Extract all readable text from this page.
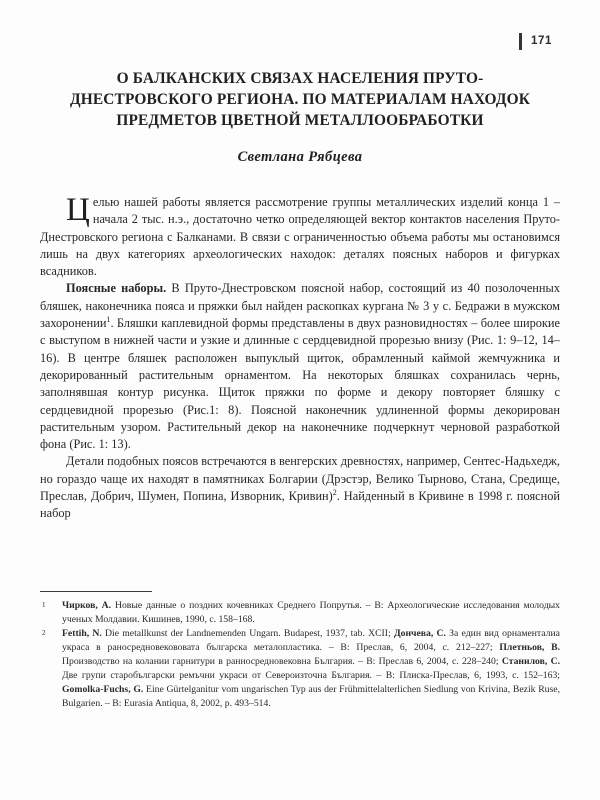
171
О БАЛКАНСКИХ СВЯЗАХ НАСЕЛЕНИЯ ПРУТО-
ДНЕСТРОВСКОГО РЕГИОНА. ПО МАТЕРИАЛАМ НАХОДОК
ПРЕДМЕТОВ ЦВЕТНОЙ МЕТАЛЛООБРАБОТКИ
Светлана Рябцева

Целью нашей работы является рассмотрение группы металлических изделий конца 1 – начала 2 тыс. н.э., достаточно четко определяющей вектор контактов населения Пруто-Днестровского региона с Балканами. В связи с ограниченностью объема работы мы остановимся лишь на двух категориях археологических находок: деталях поясных наборов и фигурках всадников.

Поясные наборы. В Пруто-Днестровском поясной набор, состоящий из 40 позолоченных бляшек, наконечника пояса и пряжки был найден раскопках кургана № 3 у с. Бедражи в мужском захоронении$^1$. Бляшки каплевидной формы представлены в двух разновидностях – более широкие с выступом в нижней части и узкие и длинные с сердцевидной прорезью внизу (Рис. 1: 9–12, 14–16). В центре бляшек расположен выпуклый щиток, обрамленный каймой жемчужника и декорированный растительным орнаментом. На некоторых бляшках сохранилась чернь, заполнявшая контур рисунка. Щиток пряжки по форме и декору повторяет бляшку с сердцевидной прорезью (Рис.1: 8). Поясной наконечник удлиненной формы декорирован растительным узором. Растительный декор на наконечнике подчеркнут черновой разработкой фона (Рис. 1: 13).

Детали подобных поясов встречаются в венгерских древностях, например, Сентес-Надьхедж, но гораздо чаще их находят в памятниках Болгарии (Дрэстэр, Велико Тырново, Стана, Средище, Преслав, Добрич, Шумен, Попина, Изворник, Кривин)$^2$. Найденный в Кривине в 1998 г. поясной набор

1 Чирков, А. Новые данные о поздних кочевниках Среднего Попрутья. – В: Археологические исследования молодых ученых Молдавии. Кишинев, 1990, с. 158–168.
2 Fettih, N. Die metallkunst der Landnemenden Ungarn. Budapest, 1937, tab. XCII; Дончева, С. За един вид орнаменталиа украса в раносредновекововата българска металопластика. – В: Преслав, 6, 2004, с. 212–227; Плетньов, В. Производство на колании гарнитури в ранносредновековна България. – В: Преслав 6, 2004, с. 228–240; Станилов, С. Две групи старобългарски ремъчни украси от Североизточна България. – В: Плиска-Преслав, 6, 1993, с. 152–163; Gomolka-Fuchs, G. Eine Gürtelganitur vom ungarischen Typ aus der Frühmittelalterlichen Siedlung von Krivina, Bezik Ruse, Bulgarien. – В: Eurasia Antiqua, 8, 2002, p. 493–514.
